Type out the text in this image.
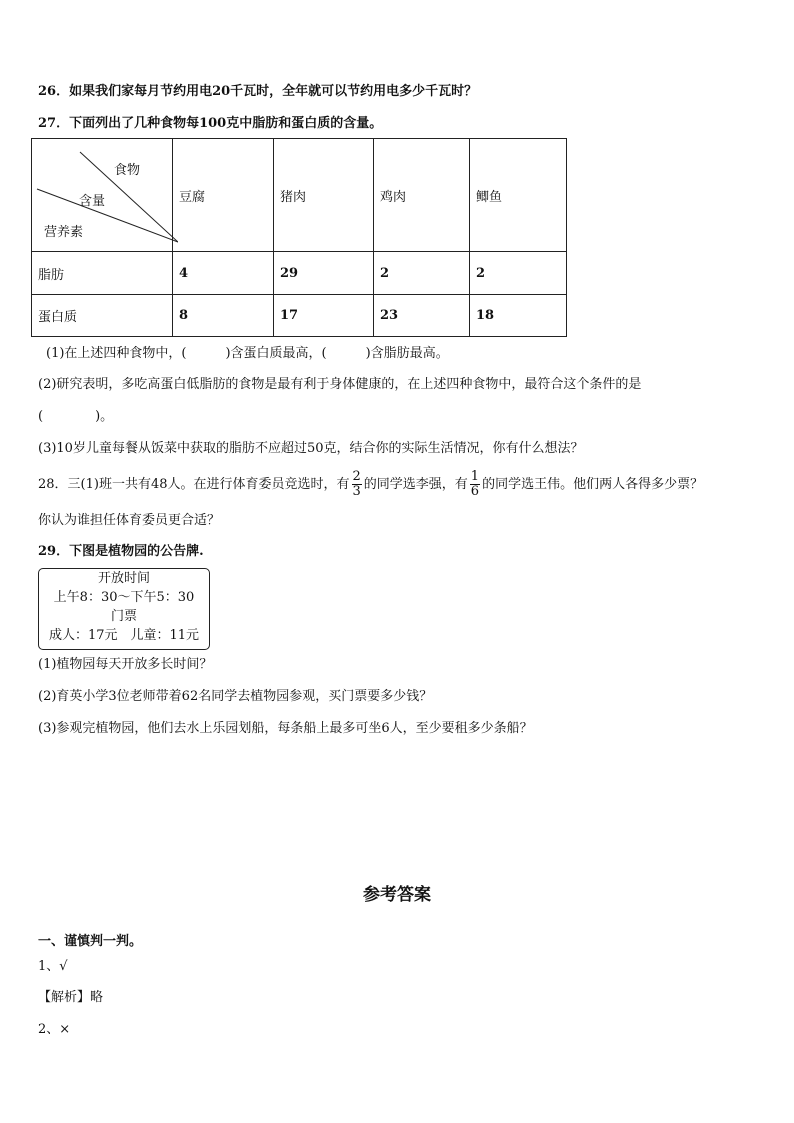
26．如果我们家每月节约用电20千瓦时，全年就可以节约用电多少千瓦时？
27．下面列出了几种食物每100克中脂肪和蛋白质的含量。
食物
含量
营养素	豆腐	猪肉	鸡肉	鲫鱼
脂肪	4	29	2	2
蛋白质	8	17	23	18
(1)在上述四种食物中，(　　　)含蛋白质最高，(　　　)含脂肪最高。
(2)研究表明，多吃高蛋白低脂肪的食物是最有利于身体健康的，在上述四种食物中，最符合这个条件的是
(　　　　)。
(3)10岁儿童每餐从饭菜中获取的脂肪不应超过50克，结合你的实际生活情况，你有什么想法？
28．三(1)班一共有48人。在进行体育委员竞选时，有 $\frac{2}{3}$ 的同学选李强，有 $\frac{1}{6}$ 的同学选王伟。他们两人各得多少票？
你认为谁担任体育委员更合适？
29．下图是植物园的公告牌.
开放时间
上午8：30～下午5：30
门票
成人：17元　儿童：11元
(1)植物园每天开放多长时间？
(2)育英小学3位老师带着62名同学去植物园参观，买门票要多少钱？
(3)参观完植物园，他们去水上乐园划船，每条船上最多可坐6人，至少要租多少条船？
参考答案
一、谨慎判一判。
1、√
【解析】略
2、×
